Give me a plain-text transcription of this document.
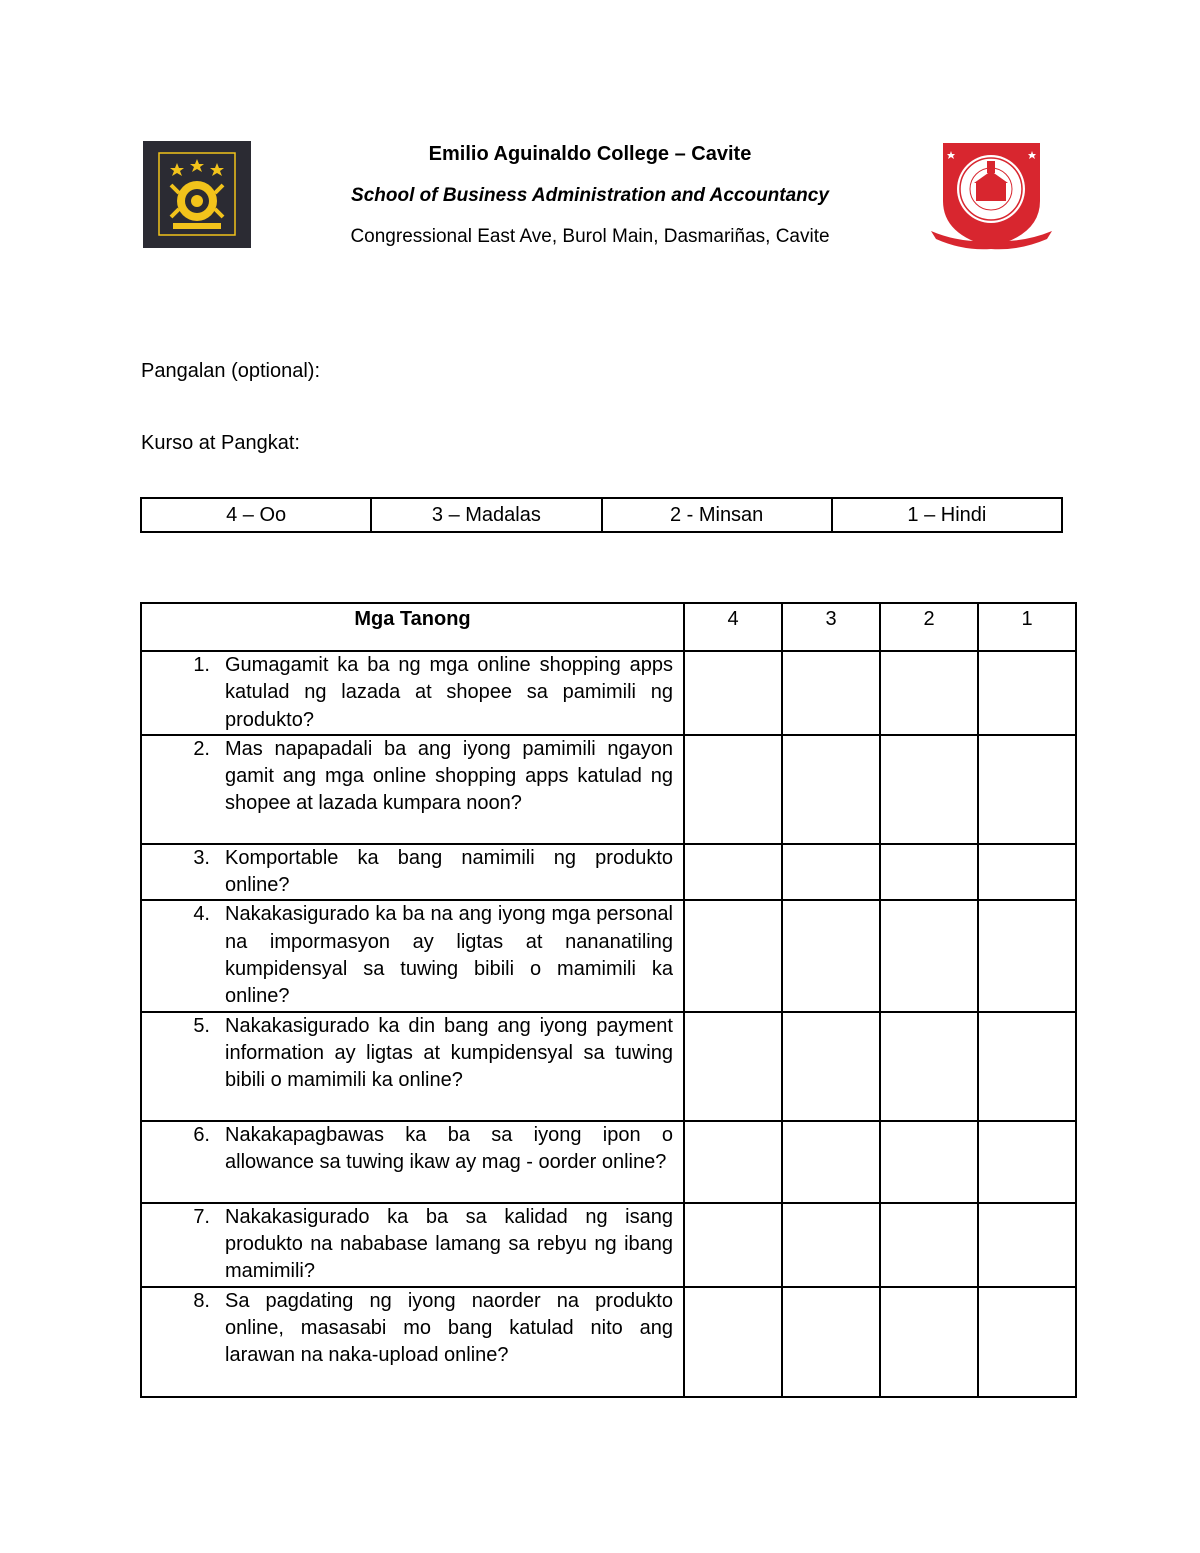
Emilio Aguinaldo College – Cavite
School of Business Administration and Accountancy
Congressional East Ave, Burol Main, Dasmariñas, Cavite
Pangalan (optional):
Kurso at Pangkat:
4 – Oo	3 – Madalas	2 - Minsan	1 – Hindi
Mga Tanong	4	3	2	1

1. Gumagamit ka ba ng mga online shopping apps katulad ng lazada at shopee sa pamimili ng produkto?				

2. Mas napapadali ba ang iyong pamimili ngayon gamit ang mga online shopping apps katulad ng shopee at lazada kumpara noon?				

3. Komportable ka bang namimili ng produkto online?				

4. Nakakasigurado ka ba na ang iyong mga personal na impormasyon ay ligtas at nananatiling kumpidensyal sa tuwing bibili o mamimili ka online?				

5. Nakakasigurado ka din bang ang iyong payment information ay ligtas at kumpidensyal sa tuwing bibili o mamimili ka online?				

6. Nakakapagbawas ka ba sa iyong ipon o allowance sa tuwing ikaw ay mag - oorder online?				

7. Nakakasigurado ka ba sa kalidad ng isang produkto na nababase lamang sa rebyu ng ibang mamimili?				

8. Sa pagdating ng iyong naorder na produkto online, masasabi mo bang katulad nito ang larawan na naka-upload online?				
